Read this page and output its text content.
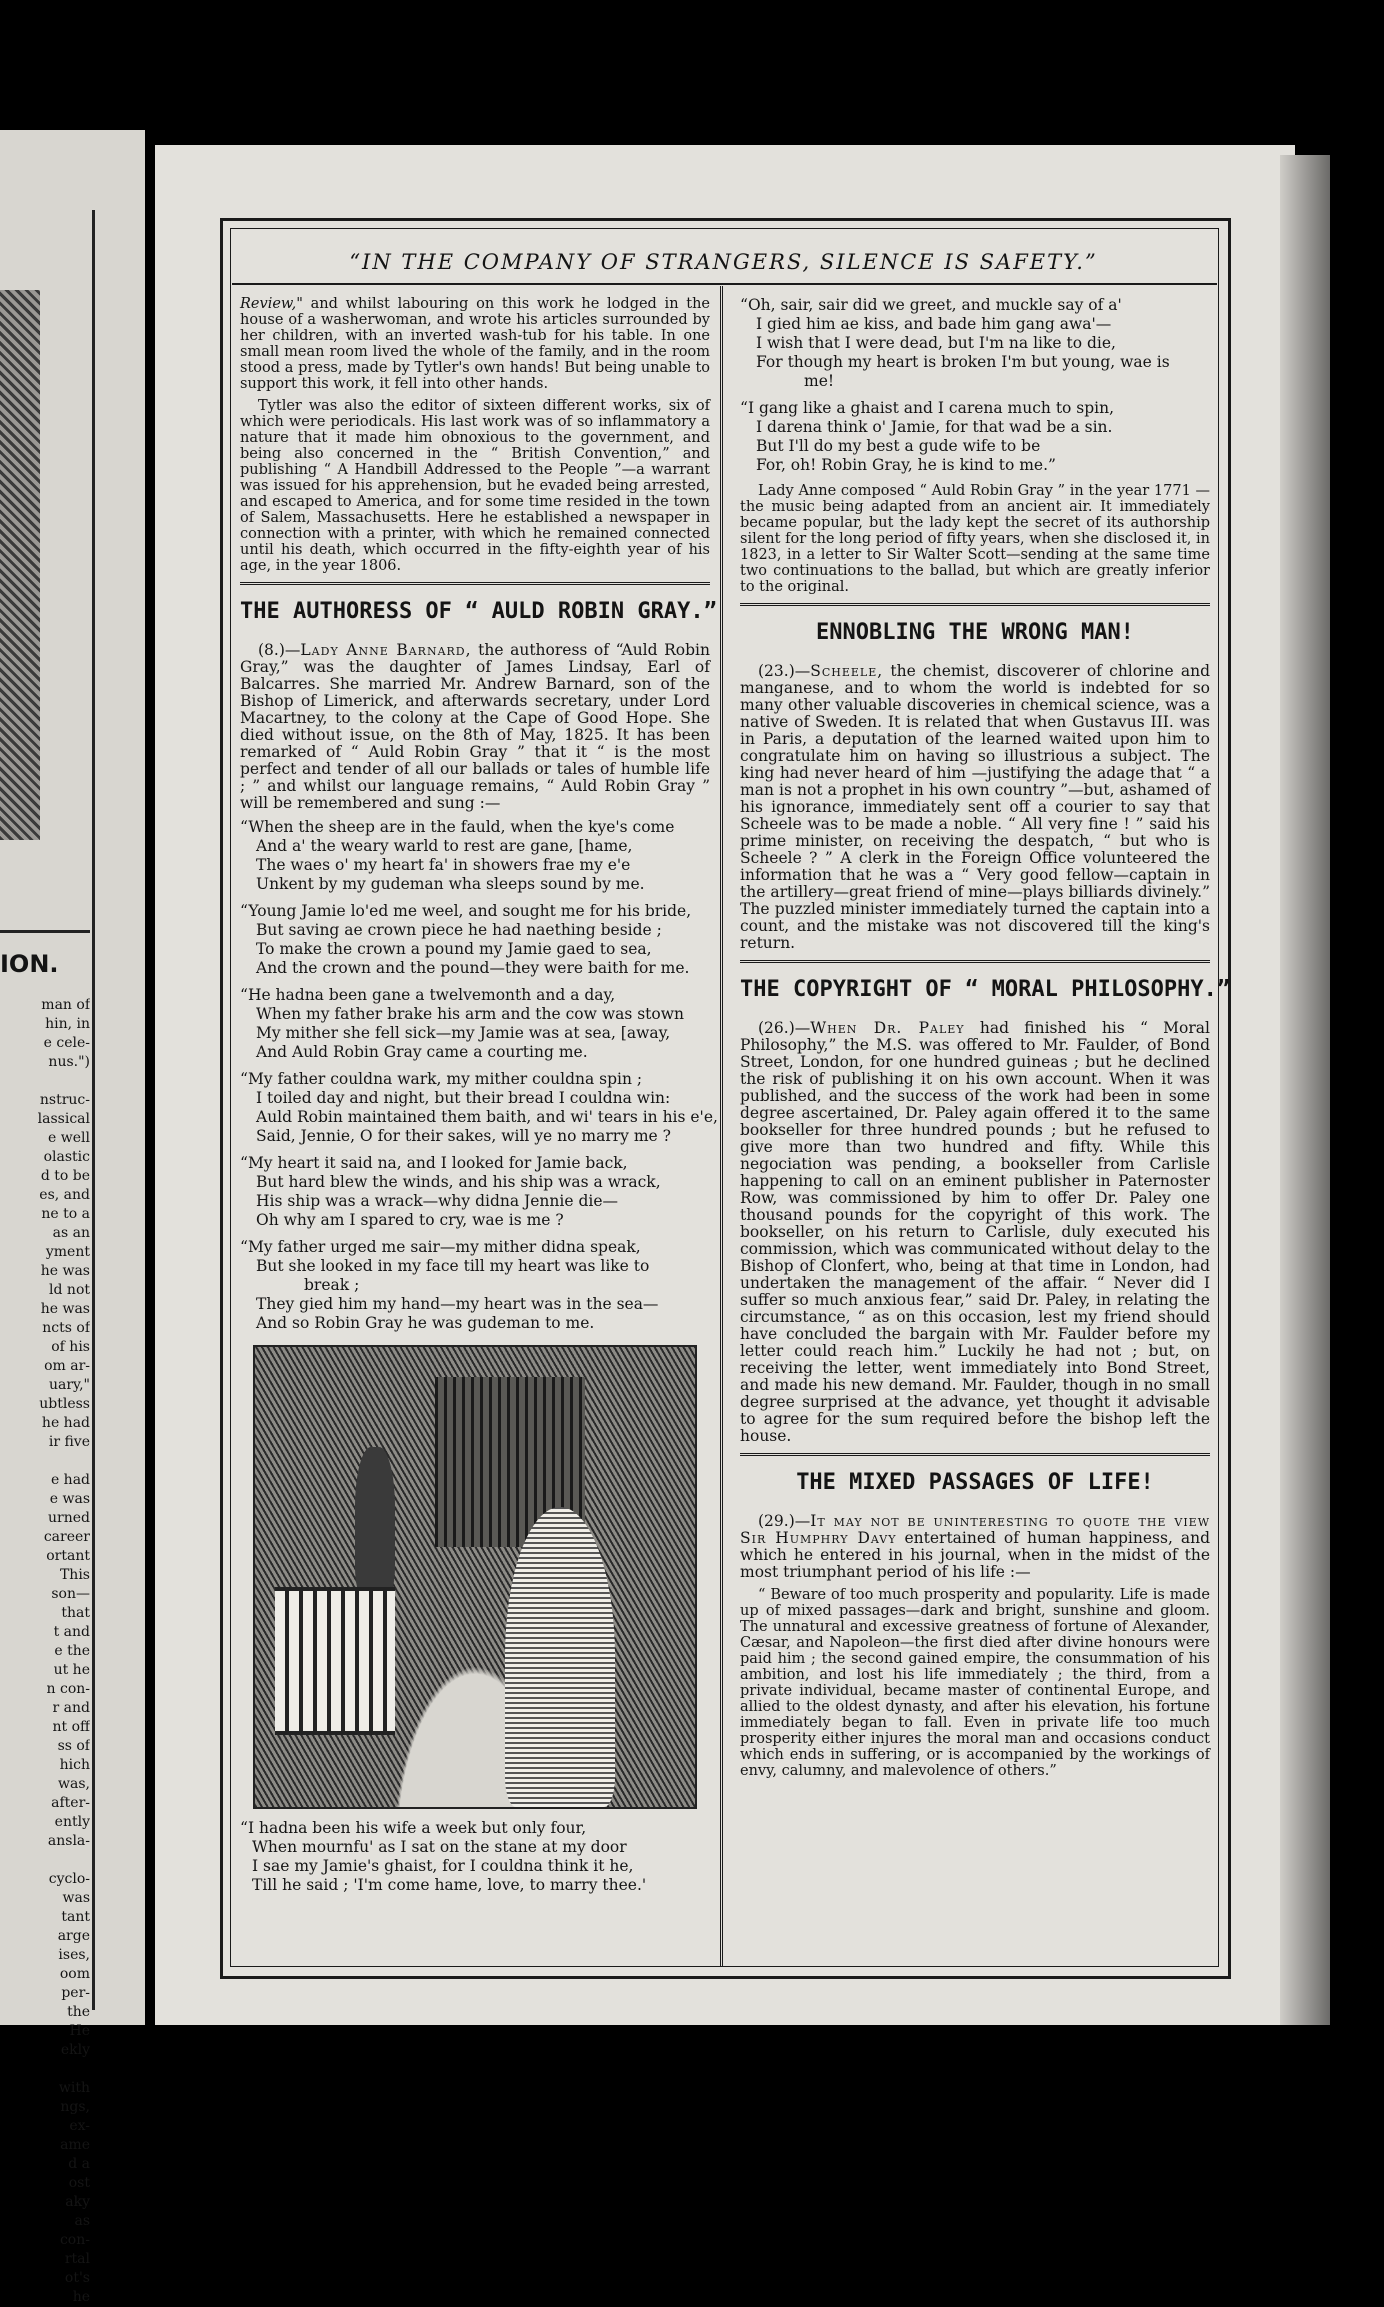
ION.
man of
hin, in
e cele-
nus.")

nstruc-
lassical
e well
olastic
d to be
es, and
ne to a
as an
yment
he was
ld not
he was
ncts of
of his
om ar-
uary,"
ubtless
he had
ir five

e had
e was
urned
career
ortant
This
son—
that
t and
e the
ut he
n con-
r and
nt off
ss of
hich
was,
after-
ently
ansla-

cyclo-
was
tant
arge
ises,
oom
per-
the
He
ekly

with
ngs,
ex-
ame
d a
ost
aky
as
con-
rtal
ot's
he
“IN THE COMPANY OF STRANGERS, SILENCE IS SAFETY.”

Review," and whilst labouring on this work he lodged in the house of a washerwoman, and wrote his articles surrounded by her children, with an inverted wash-tub for his table. In one small mean room lived the whole of the family, and in the room stood a press, made by Tytler's own hands! But being unable to support this work, it fell into other hands.

Tytler was also the editor of sixteen different works, six of which were periodicals. His last work was of so inflammatory a nature that it made him obnoxious to the government, and being also concerned in the “ British Convention,” and publishing “ A Handbill Addressed to the People ”—a warrant was issued for his apprehension, but he evaded being arrested, and escaped to America, and for some time resided in the town of Salem, Massachusetts. Here he established a newspaper in connection with a printer, with which he remained connected until his death, which occurred in the fifty-eighth year of his age, in the year 1806.

THE AUTHORESS OF “ AULD ROBIN GRAY.”

(8.)—Lady Anne Barnard, the authoress of “Auld Robin Gray,” was the daughter of James Lindsay, Earl of Balcarres. She married Mr. Andrew Barnard, son of the Bishop of Limerick, and afterwards secretary, under Lord Macartney, to the colony at the Cape of Good Hope. She died without issue, on the 8th of May, 1825. It has been remarked of “ Auld Robin Gray ” that it “ is the most perfect and tender of all our ballads or tales of humble life ; ” and whilst our language remains, “ Auld Robin Gray ” will be remembered and sung :—

“ When the sheep are in the fauld, when the kye's come
And a' the weary warld to rest are gane, [hame,
The waes o' my heart fa' in showers frae my e'e
Unkent by my gudeman wha sleeps sound by me.
“ Young Jamie lo'ed me weel, and sought me for his bride,
But saving ae crown piece he had naething beside ;
To make the crown a pound my Jamie gaed to sea,
And the crown and the pound—they were baith for me.
“ He hadna been gane a twelvemonth and a day,
When my father brake his arm and the cow was stown
My mither she fell sick—my Jamie was at sea, [away,
And Auld Robin Gray came a courting me.
“ My father couldna wark, my mither couldna spin ;
I toiled day and night, but their bread I couldna win:
Auld Robin maintained them baith, and wi' tears in his e'e,
Said, Jennie, O for their sakes, will ye no marry me ?
“ My heart it said na, and I looked for Jamie back,
But hard blew the winds, and his ship was a wrack,
His ship was a wrack—why didna Jennie die—
Oh why am I spared to cry, wae is me ?
“ My father urged me sair—my mither didna speak,
But she looked in my face till my heart was like to
break ;
They gied him my hand—my heart was in the sea—
And so Robin Gray he was gudeman to me.
“ I hadna been his wife a week but only four,
When mournfu' as I sat on the stane at my door
I sae my Jamie's ghaist, for I couldna think it he,
Till he said ; 'I'm come hame, love, to marry thee.'
“ Oh, sair, sair did we greet, and muckle say of a'
I gied him ae kiss, and bade him gang awa'—
I wish that I were dead, but I'm na like to die,
For though my heart is broken I'm but young, wae is
me!
“ I gang like a ghaist and I carena much to spin,
I darena think o' Jamie, for that wad be a sin.
But I'll do my best a gude wife to be
For, oh! Robin Gray, he is kind to me.”

Lady Anne composed “ Auld Robin Gray ” in the year 1771 —the music being adapted from an ancient air. It immediately became popular, but the lady kept the secret of its authorship silent for the long period of fifty years, when she disclosed it, in 1823, in a letter to Sir Walter Scott—sending at the same time two continuations to the ballad, but which are greatly inferior to the original.

ENNOBLING THE WRONG MAN!

(23.)—Scheele, the chemist, discoverer of chlorine and manganese, and to whom the world is indebted for so many other valuable discoveries in chemical science, was a native of Sweden. It is related that when Gustavus III. was in Paris, a deputation of the learned waited upon him to congratulate him on having so illustrious a subject. The king had never heard of him —justifying the adage that “ a man is not a prophet in his own country ”—but, ashamed of his ignorance, immediately sent off a courier to say that Scheele was to be made a noble. “ All very fine ! ” said his prime minister, on receiving the despatch, “ but who is Scheele ? ” A clerk in the Foreign Office volunteered the information that he was a “ Very good fellow—captain in the artillery—great friend of mine—plays billiards divinely.” The puzzled minister immediately turned the captain into a count, and the mistake was not discovered till the king's return.

THE COPYRIGHT OF “ MORAL PHILOSOPHY.”

(26.)—When Dr. Paley had finished his “ Moral Philosophy,” the M.S. was offered to Mr. Faulder, of Bond Street, London, for one hundred guineas ; but he declined the risk of publishing it on his own account. When it was published, and the success of the work had been in some degree ascertained, Dr. Paley again offered it to the same bookseller for three hundred pounds ; but he refused to give more than two hundred and fifty. While this negociation was pending, a bookseller from Carlisle happening to call on an eminent publisher in Paternoster Row, was commissioned by him to offer Dr. Paley one thousand pounds for the copyright of this work. The bookseller, on his return to Carlisle, duly executed his commission, which was communicated without delay to the Bishop of Clonfert, who, being at that time in London, had undertaken the management of the affair. “ Never did I suffer so much anxious fear,” said Dr. Paley, in relating the circumstance, “ as on this occasion, lest my friend should have concluded the bargain with Mr. Faulder before my letter could reach him.” Luckily he had not ; but, on receiving the letter, went immediately into Bond Street, and made his new demand. Mr. Faulder, though in no small degree surprised at the advance, yet thought it advisable to agree for the sum required before the bishop left the house.

THE MIXED PASSAGES OF LIFE!

(29.)—It may not be uninteresting to quote the view Sir Humphry Davy entertained of human happiness, and which he entered in his journal, when in the midst of the most triumphant period of his life :—

“ Beware of too much prosperity and popularity. Life is made up of mixed passages—dark and bright, sunshine and gloom. The unnatural and excessive greatness of fortune of Alexander, Cæsar, and Napoleon—the first died after divine honours were paid him ; the second gained empire, the consummation of his ambition, and lost his life immediately ; the third, from a private individual, became master of continental Europe, and allied to the oldest dynasty, and after his elevation, his fortune immediately began to fall. Even in private life too much prosperity either injures the moral man and occasions conduct which ends in suffering, or is accompanied by the workings of envy, calumny, and malevolence of others.”
